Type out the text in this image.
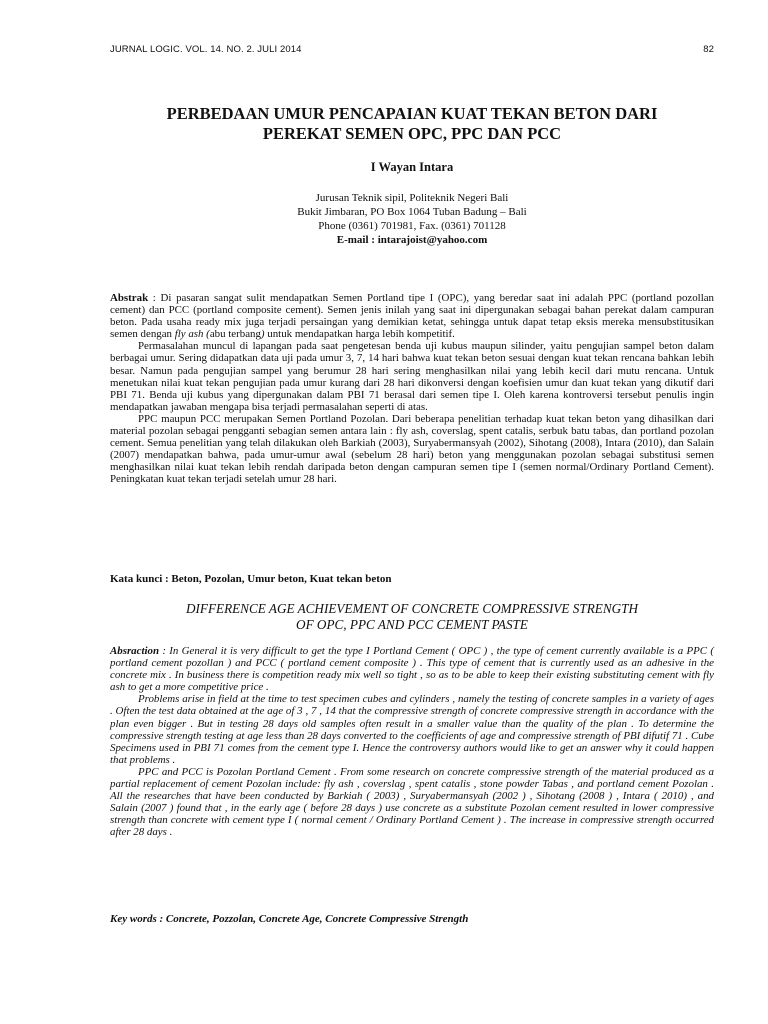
JURNAL LOGIC. VOL. 14. NO. 2. JULI 2014	82
PERBEDAAN UMUR PENCAPAIAN KUAT TEKAN BETON DARI
PEREKAT SEMEN OPC, PPC DAN PCC
I Wayan Intara
Jurusan Teknik sipil, Politeknik Negeri Bali
Bukit Jimbaran, PO Box 1064 Tuban Badung – Bali
Phone (0361) 701981, Fax. (0361) 701128
E-mail : intarajoist@yahoo.com

Abstrak : Di pasaran sangat sulit mendapatkan Semen Portland tipe I (OPC), yang beredar saat ini adalah PPC (portland pozollan cement) dan PCC (portland composite cement). Semen jenis inilah yang saat ini dipergunakan sebagai bahan perekat dalam campuran beton. Pada usaha ready mix juga terjadi persaingan yang demikian ketat, sehingga untuk dapat tetap eksis mereka mensubstitusikan semen dengan fly ash (abu terbang) untuk mendapatkan harga lebih kompetitif.

Permasalahan muncul di lapangan pada saat pengetesan benda uji kubus maupun silinder, yaitu pengujian sampel beton dalam berbagai umur. Sering didapatkan data uji pada umur 3, 7, 14 hari bahwa kuat tekan beton sesuai dengan kuat tekan rencana bahkan lebih besar. Namun pada pengujian sampel yang berumur 28 hari sering menghasilkan nilai yang lebih kecil dari mutu rencana. Untuk menetukan nilai kuat tekan pengujian pada umur kurang dari 28 hari dikonversi dengan koefisien umur dan kuat tekan yang dikutif dari PBI 71. Benda uji kubus yang dipergunakan dalam PBI 71 berasal dari semen tipe I. Oleh karena kontroversi tersebut penulis ingin mendapatkan jawaban mengapa bisa terjadi permasalahan seperti di atas.

PPC maupun PCC merupakan Semen Portland Pozolan. Dari beberapa penelitian terhadap kuat tekan beton yang dihasilkan dari material pozolan sebagai pengganti sebagian semen antara lain : fly ash, coverslag, spent catalis, serbuk batu tabas, dan portland pozolan cement. Semua penelitian yang telah dilakukan oleh Barkiah (2003), Suryabermansyah (2002), Sihotang (2008), Intara (2010), dan Salain (2007) mendapatkan bahwa, pada umur-umur awal (sebelum 28 hari) beton yang menggunakan pozolan sebagai substitusi semen menghasilkan nilai kuat tekan lebih rendah daripada beton dengan campuran semen tipe I (semen normal/Ordinary Portland Cement). Peningkatan kuat tekan terjadi setelah umur 28 hari.

Kata kunci : Beton, Pozolan, Umur beton, Kuat tekan beton
DIFFERENCE AGE ACHIEVEMENT OF CONCRETE COMPRESSIVE STRENGTH
OF OPC, PPC AND PCC CEMENT PASTE

Absraction : In General it is very difficult to get the type I Portland Cement ( OPC ) , the type of cement currently available is a PPC ( portland cement pozollan ) and PCC ( portland cement composite ) . This type of cement that is currently used as an adhesive in the concrete mix . In business there is competition ready mix well so tight , so as to be able to keep their existing substituting cement with fly ash to get a more competitive price .

Problems arise in field at the time to test specimen cubes and cylinders , namely the testing of concrete samples in a variety of ages . Often the test data obtained at the age of 3 , 7 , 14 that the compressive strength of concrete compressive strength in accordance with the plan even bigger . But in testing 28 days old samples often result in a smaller value than the quality of the plan . To determine the compressive strength testing at age less than 28 days converted to the coefficients of age and compressive strength of PBI difutif 71 . Cube Specimens used in PBI 71 comes from the cement type I. Hence the controversy authors would like to get an answer why it could happen that problems .

PPC and PCC is Pozolan Portland Cement . From some research on concrete compressive strength of the material produced as a partial replacement of cement Pozolan include: fly ash , coverslag , spent catalis , stone powder Tabas , and portland cement Pozolan . All the researches that have been conducted by Barkiah ( 2003) , Suryabermansyah (2002 ) , Sihotang (2008 ) , Intara ( 2010) , and Salain (2007 ) found that , in the early age ( before 28 days ) use concrete as a substitute Pozolan cement resulted in lower compressive strength than concrete with cement type I ( normal cement / Ordinary Portland Cement ) . The increase in compressive strength occurred after 28 days .

Key words : Concrete, Pozzolan, Concrete Age, Concrete Compressive Strength
